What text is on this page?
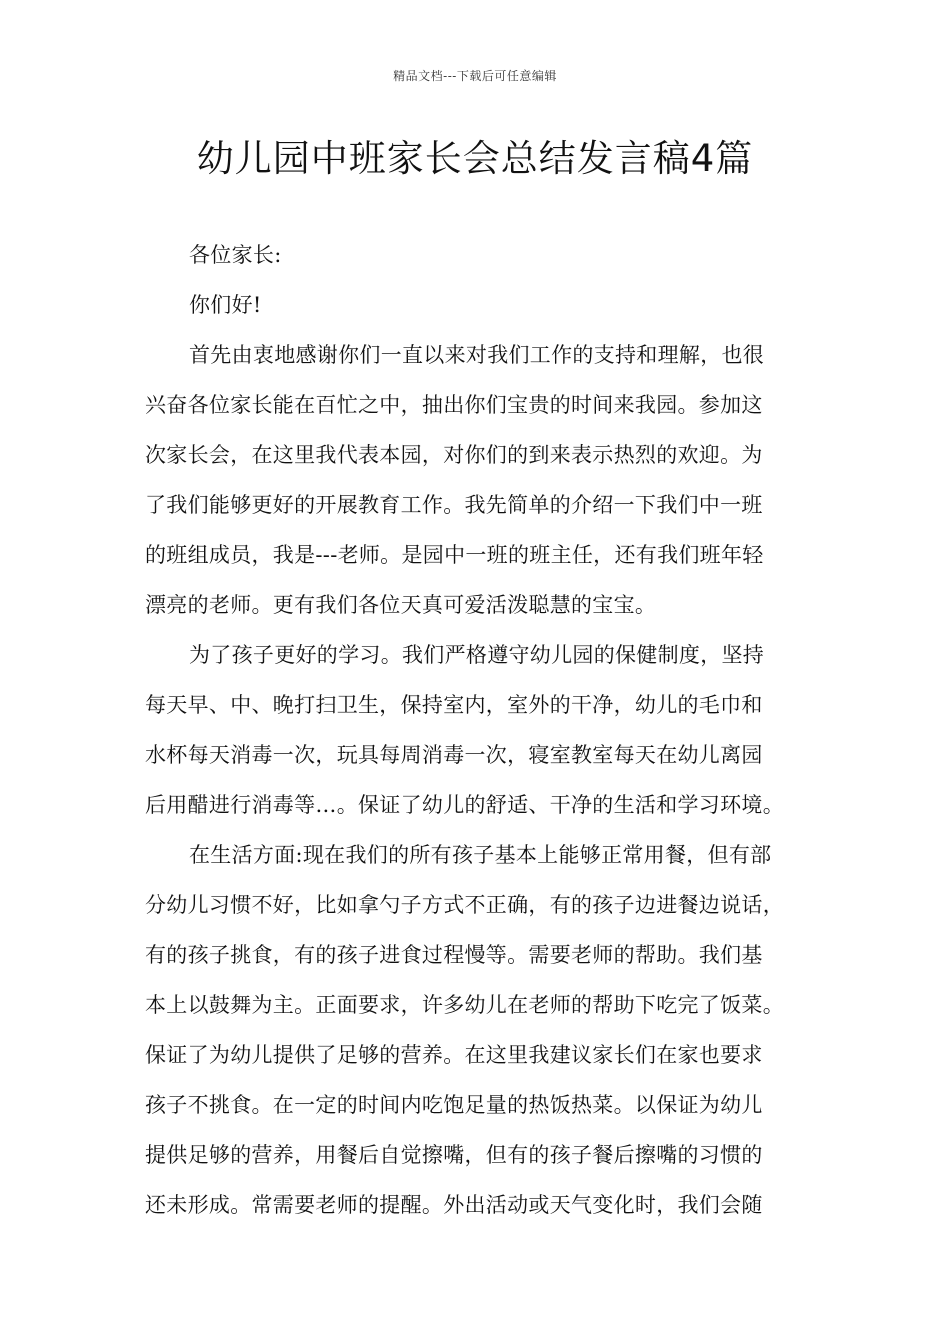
精品文档---下载后可任意编辑
幼儿园中班家长会总结发言稿4篇
各位家长:
你们好!
首先由衷地感谢你们一直以来对我们工作的支持和理解，也很
兴奋各位家长能在百忙之中，抽出你们宝贵的时间来我园。参加这
次家长会，在这里我代表本园，对你们的到来表示热烈的欢迎。为
了我们能够更好的开展教育工作。我先简单的介绍一下我们中一班
的班组成员，我是---老师。是园中一班的班主任，还有我们班年轻
漂亮的老师。更有我们各位天真可爱活泼聪慧的宝宝。
为了孩子更好的学习。我们严格遵守幼儿园的保健制度，坚持
每天早、中、晚打扫卫生，保持室内，室外的干净，幼儿的毛巾和
水杯每天消毒一次，玩具每周消毒一次，寝室教室每天在幼儿离园
后用醋进行消毒等…。保证了幼儿的舒适、干净的生活和学习环境。
在生活方面:现在我们的所有孩子基本上能够正常用餐，但有部
分幼儿习惯不好，比如拿勺子方式不正确，有的孩子边进餐边说话，
有的孩子挑食，有的孩子进食过程慢等。需要老师的帮助。我们基
本上以鼓舞为主。正面要求，许多幼儿在老师的帮助下吃完了饭菜。
保证了为幼儿提供了足够的营养。在这里我建议家长们在家也要求
孩子不挑食。在一定的时间内吃饱足量的热饭热菜。以保证为幼儿
提供足够的营养，用餐后自觉擦嘴，但有的孩子餐后擦嘴的习惯的
还未形成。常需要老师的提醒。外出活动或天气变化时，我们会随
